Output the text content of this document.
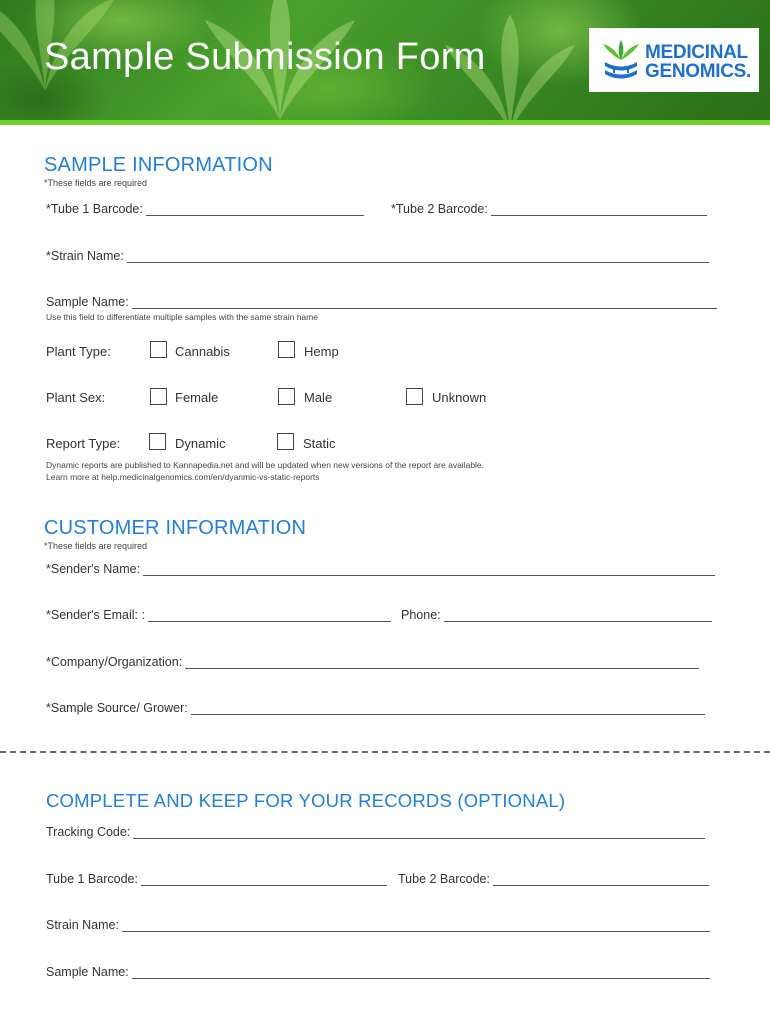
Sample Submission Form	MEDICINAL
GENOMICS.
SAMPLE INFORMATION
*These fields are required
*Tube 1 Barcode:	*Tube 2 Barcode:
*Strain Name:
Sample Name:
Use this field to differentiate multiple samples with the same strain name
Plant Type:	Cannabis	Hemp
Plant Sex:	Female	Male	Unknown
Report Type:	Dynamic	Static
Dynamic reports are published to Kannapedia.net and will be updated when new versions of the report are available.
Learn more at help.medicinalgenomics.com/en/dyanmic-vs-static-reports
CUSTOMER INFORMATION
*These fields are required
*Sender's Name:
*Sender's Email: :	Phone:
*Company/Organization:
*Sample Source/ Grower:
COMPLETE AND KEEP FOR YOUR RECORDS (OPTIONAL)
Tracking Code:
Tube 1 Barcode:	Tube 2 Barcode:
Strain Name:
Sample Name:
